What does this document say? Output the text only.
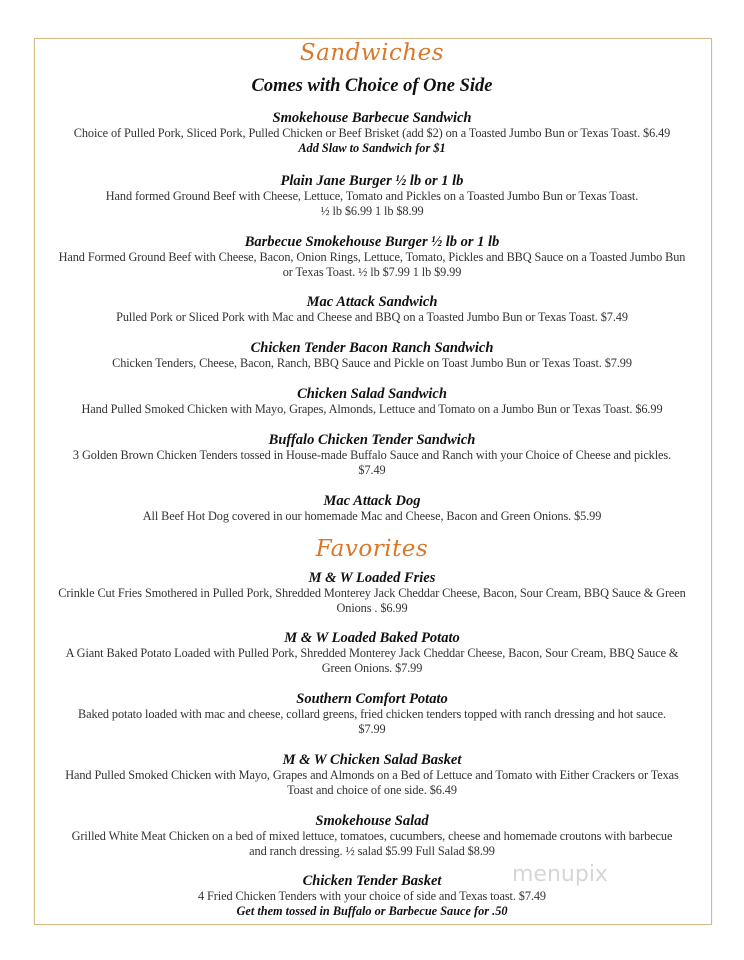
Sandwiches
Comes with Choice of One Side
Favorites
Smokehouse Barbecue Sandwich
Choice of Pulled Pork, Sliced Pork, Pulled Chicken or Beef Brisket (add $2) on a Toasted Jumbo Bun or Texas Toast. $6.49
Add Slaw to Sandwich for $1
Plain Jane Burger ½ lb or 1 lb
Hand formed Ground Beef with Cheese, Lettuce, Tomato and Pickles on a Toasted Jumbo Bun or Texas Toast.
½ lb $6.99 1 lb $8.99
Barbecue Smokehouse Burger ½ lb or 1 lb
Hand Formed Ground Beef with Cheese, Bacon, Onion Rings, Lettuce, Tomato, Pickles and BBQ Sauce on a Toasted Jumbo Bun
or Texas Toast. ½ lb $7.99 1 lb $9.99
Mac Attack Sandwich
Pulled Pork or Sliced Pork with Mac and Cheese and BBQ on a Toasted Jumbo Bun or Texas Toast. $7.49
Chicken Tender Bacon Ranch Sandwich
Chicken Tenders, Cheese, Bacon, Ranch, BBQ Sauce and Pickle on Toast Jumbo Bun or Texas Toast. $7.99
Chicken Salad Sandwich
Hand Pulled Smoked Chicken with Mayo, Grapes, Almonds, Lettuce and Tomato on a Jumbo Bun or Texas Toast. $6.99
Buffalo Chicken Tender Sandwich
3 Golden Brown Chicken Tenders tossed in House-made Buffalo Sauce and Ranch with your Choice of Cheese and pickles.
$7.49
Mac Attack Dog
All Beef Hot Dog covered in our homemade Mac and Cheese, Bacon and Green Onions. $5.99
M & W Loaded Fries
Crinkle Cut Fries Smothered in Pulled Pork, Shredded Monterey Jack Cheddar Cheese, Bacon, Sour Cream, BBQ Sauce & Green
Onions . $6.99
M & W Loaded Baked Potato
A Giant Baked Potato Loaded with Pulled Pork, Shredded Monterey Jack Cheddar Cheese, Bacon, Sour Cream, BBQ Sauce &
Green Onions. $7.99
Southern Comfort Potato
Baked potato loaded with mac and cheese, collard greens, fried chicken tenders topped with ranch dressing and hot sauce.
$7.99
M & W Chicken Salad Basket
Hand Pulled Smoked Chicken with Mayo, Grapes and Almonds on a Bed of Lettuce and Tomato with Either Crackers or Texas
Toast and choice of one side. $6.49
Smokehouse Salad
Grilled White Meat Chicken on a bed of mixed lettuce, tomatoes, cucumbers, cheese and homemade croutons with barbecue
and ranch dressing. ½ salad $5.99 Full Salad $8.99
Chicken Tender Basket
4 Fried Chicken Tenders with your choice of side and Texas toast. $7.49
Get them tossed in Buffalo or Barbecue Sauce for .50
menupix
